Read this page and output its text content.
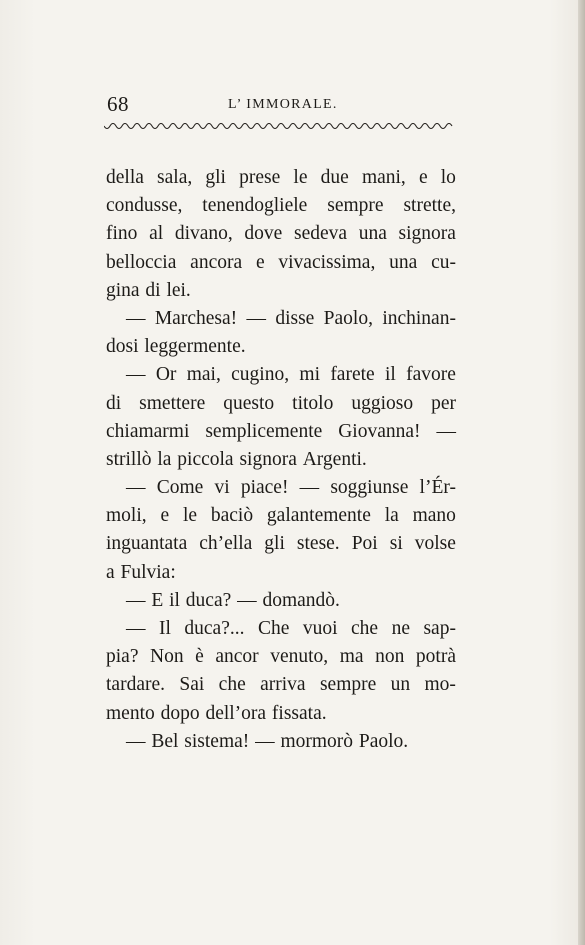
68	L’ IMMORALE.
della sala, gli prese le due mani, e lo
condusse, tenendogliele sempre strette,
fino al divano, dove sedeva una signora
belloccia ancora e vivacissima, una cu-
gina di lei.
— Marchesa! — disse Paolo, inchinan-
dosi leggermente.
— Or mai, cugino, mi farete il favore
di smettere questo titolo uggioso per
chiamarmi semplicemente Giovanna! —
strillò la piccola signora Argenti.
— Come vi piace! — soggiunse l’Ér-
moli, e le baciò galantemente la mano
inguantata ch’ella gli stese. Poi si volse
a Fulvia:
— E il duca? — domandò.
— Il duca?... Che vuoi che ne sap-
pia? Non è ancor venuto, ma non potrà
tardare. Sai che arriva sempre un mo-
mento dopo dell’ora fissata.
— Bel sistema! — mormorò Paolo.
